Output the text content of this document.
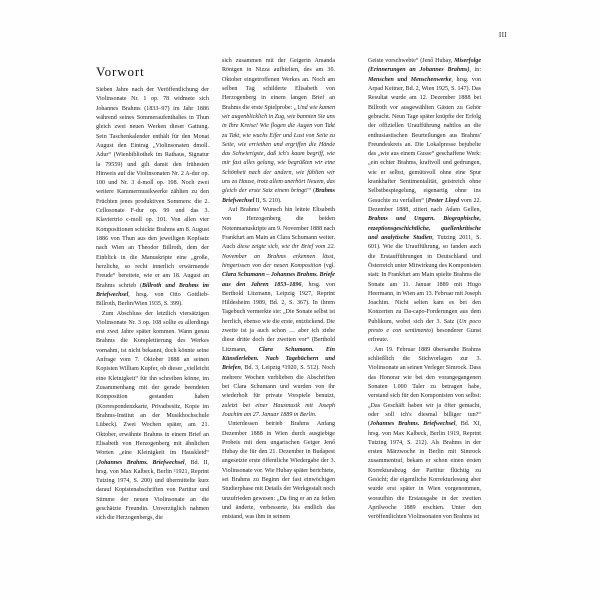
III
Vorwort

Sieben Jahre nach der Veröffentlichung der Violinsonate Nr. 1 op. 78 widmete sich Johannes Brahms (1833–97) im Jahr 1886 während seines Sommeraufenthaltes in Thun gleich zwei neuen Werken dieser Gattung. Sein Taschenkalender enthält für den Monat August den Eintrag „Violinsonaten dmoll. Adur“ (Wienbibliothek im Rathaus, Signatur la 79559) und gilt damit den frühesten Hinweis auf die Violinsonaten Nr. 2 A-dur op. 100 und Nr. 3 d-moll op. 108. Noch zwei weitere Kammermusikwerke zählten zu den Früchten jenes produktiven Sommers: die 2. Cellosonate F-dur op. 99 und das 3. Klaviertrio c-moll op. 101. Von allen vier Kompositionen schickte Brahms am 8. August 1886 von Thun aus den jeweiligen Kopfsatz nach Wien an Theodor Billroth, dem der Einblick in die Manuskripte eine „große, herzliche, so recht innerlich erwärmende Freude“ bereitete, wie er am 18. August an Brahms schrieb (Billroth und Brahms im Briefwechsel, hrsg. von Otto Gottlieb-Billroth, Berlin/Wien 1935, S. 399).

Zum Abschluss der letztlich viersätzigen Violinsonate Nr. 3 op. 108 sollte es allerdings erst zwei Jahre später kommen. Wann genau Brahms die Komplettierung des Werkes vornahm, ist nicht bekannt, doch könnte seine Anfrage vom 7. Oktober 1888 an seinen Kopisten William Kupfer, ob dieser „vielleicht eine Kleinigkeit“ für ihn schreiben könne, im Zusammenhang mit der gerade beendeten Komposition gestanden haben (Korrespondenzkarte, Privatbesitz, Kopie im Brahms-Institut an der Musikhochschule Lübeck). Zwei Wochen später, am 21. Oktober, erwähnte Brahms in einem Brief an Elisabeth von Herzogenberg mit ähnlichen Worten „eine Kleinigkeit im Hauskleid“ (Johannes Brahms. Briefwechsel, Bd. II, hrsg. von Max Kalbeck, Berlin ²1921, Reprint Tutzing 1974, S. 200) und übermittelte kurz darauf Kopistenabschriften von Partitur und Stimme der neuen Violinsonate an die geschätzte Freundin. Unverzüglich nahmen sich die Herzogenbergs, die

sich zusammen mit der Geigerin Amanda Röntgen in Nizza aufhielten, des am 30. Oktober eingetroffenen Werkes an. Noch am selben Tag schilderte Elisabeth von Herzogenberg in einem langen Brief an Brahms die erste Spielprobe: „Und wie kamen wir augenblicklich in Zug, wie bannten Sie uns in Ihre Kreise! Wie flogen die Augen von Takt zu Takt, wie wuchs Eifer und Lust von Seite zu Seite, wie erriethen und ergriffen die Hände das Schwierigste, daß ich's kaum begriff, wie mir fast alles gelang, wie begrüßten wir eine Schönheit nach der andern, wie fühlten wir uns zu Hause, trotz allem unerhört Neuem, das gleich der erste Satz einem bringt!“ (Brahms Briefwechsel II, S. 210).

Auf Brahms' Wunsch hin leitete Elisabeth von Herzogenberg die beiden Notenmanuskripte am 9. November 1888 nach Frankfurt am Main an Clara Schumann weiter. Auch diese zeigte sich, wie ihr Brief vom 22. November an Brahms erkennen lässt, hingerissen von der neuen Komposition (vgl. Clara Schumann – Johannes Brahms. Briefe aus den Jahren 1853–1896, hrsg. von Berthold Litzmann, Leipzig 1927, Reprint Hildesheim 1989, Bd. 2, S. 367). In ihrem Tagebuch vermerkte sie: „Die Sonate selbst ist herrlich, ebenso wie die erste, entzückend. Die zweite ist ja auch schon … aber ich ziehe diese dritte doch der zweiten vor“ (Berthold Litzmann, Clara Schumann. Ein Künstlerleben. Nach Tagebüchern und Briefen, Bd. 3, Leipzig ⁸1920, S. 512). Noch mehrere Wochen verblieben die Abschriften bei Clara Schumann und wurden von ihr wiederholt für private Vorspiele benutzt, zuletzt bei einer Hausmusik mit Joseph Joachim am 27. Januar 1889 in Berlin.

Unterdessen betrieb Brahms Anfang Dezember 1888 in Wien durch ausgiebige Probeis mit dem ungarischen Geiger Jenő Hubay die für den 21. Dezember in Budapest angesetzte erste öffentliche Wiedergabe der 3. Violinsonate vor. Wie Hubay später berichtete, sei Brahms zu Beginn der fast einwöchigen Studierphase mit Details der Werkgestalt noch unzufrieden gewesen: „Da fing er an zu feilen und änderte, verbesserte, bis endlich das entstand, was ihm in seinem

Geiste vorschwebte“ (Jenő Hubay, Miserfolge (Erinnerungen an Johannes Brahms), in: Menschen und Menschenwerke, hrsg. von Arpad Keitner, Bd. 2, Wien 1925, S. 147). Das Resultat wurde am 12. Dezember 1888 bei Billroth vor ausgewählten Gästen zu Gehör gebracht. Neun Tage später knüpfte der Erfolg der offiziellen Uraufführung nahtlos an die enthusiastischen Beurteilungen aus Brahms' Freundeskreis an. Die Lokalpresse bejubelte das „wie aus einem Gusse“ geschaffene Werk: „ein echter Brahms, kraftvoll und gedrungen, wie er selbst, gemütsvoll ohne eine Spur krankhafter Sentimentalität, geistreich ohne Selbstbespiegelung, eigenartig ohne ins Gesuchte zu verfallen“ (Pester Lloyd vom 22. Dezember 1888, zitiert nach Adam Gellen, Brahms und Ungarn. Biographische, rezeptionsgeschichtliche, quellenkritische und analytische Studien, Tutzing 2011, S. 601). Wie die Uraufführung, so fanden auch die Erstaufführungen in Deutschland und Österreich unter Mitwirkung des Komponisten statt: In Frankfurt am Main spielte Brahms die Sonate am 11. Januar 1889 mit Hugo Heermann, in Wien am 13. Februar mit Joseph Joachim. Nicht selten kam es bei den Konzerten zu Da-capo-Forderungen aus dem Publikum, wobei sich der 3. Satz (Un poco presto e con sentimento) besonderer Gunst erfreute.

Am 19. Februar 1889 übersandte Brahms schließlich die Stichvorlagen zur 3. Violinsonate an seinen Verleger Simrock. Dass das Honorar wie bei den vorangegangenen Sonaten 1.000 Taler zu betragen habe, verstand sich für den Komponisten von selbst: „Das Geschäft haben wir ja öfter gemacht, oder soll ich's diesmal billiger tun?“ (Johannes Brahms. Briefwechsel, Bd. XI, hrsg. von Max Kalbeck, Berlin 1919, Reprint Tutzing 1974, S. 212). Als Brahms in der ersten Märzwoche in Berlin mit Simrock zusammentraf, bekam er schon einen ersten Korrekturabzug der Partitur flüchtig zu Gesicht; die eigentliche Korrekturlesung aber wurde erst später in Wien vorgenommen, woraufhin die Erstausgabe in der zweiten Aprilwoche 1889 erschien. Unter den veröffentlichten Violinsonaten von Brahms ist
